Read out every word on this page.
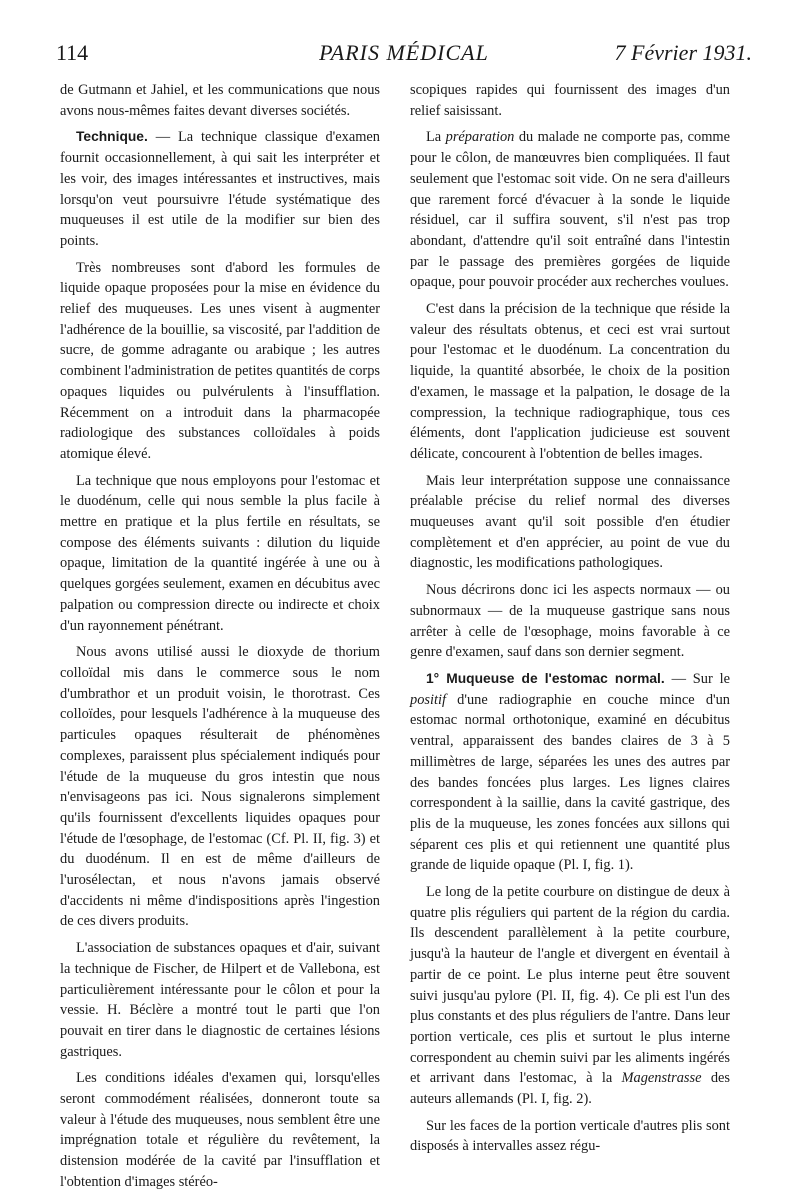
114	PARIS MÉDICAL	7 Février 1931.

de Gutmann et Jahiel, et les communications que nous avons nous-mêmes faites devant diverses sociétés.

Technique. — La technique classique d'examen fournit occasionnellement, à qui sait les interpréter et les voir, des images intéressantes et instructives, mais lorsqu'on veut poursuivre l'étude systématique des muqueuses il est utile de la modifier sur bien des points.

Très nombreuses sont d'abord les formules de liquide opaque proposées pour la mise en évidence du relief des muqueuses. Les unes visent à augmenter l'adhérence de la bouillie, sa viscosité, par l'addition de sucre, de gomme adragante ou arabique ; les autres combinent l'administration de petites quantités de corps opaques liquides ou pulvérulents à l'insufflation. Récemment on a introduit dans la pharmacopée radiologique des substances colloïdales à poids atomique élevé.

La technique que nous employons pour l'estomac et le duodénum, celle qui nous semble la plus facile à mettre en pratique et la plus fertile en résultats, se compose des éléments suivants : dilution du liquide opaque, limitation de la quantité ingérée à une ou à quelques gorgées seulement, examen en décubitus avec palpation ou compression directe ou indirecte et choix d'un rayonnement pénétrant.

Nous avons utilisé aussi le dioxyde de thorium colloïdal mis dans le commerce sous le nom d'umbrathor et un produit voisin, le thorotrast. Ces colloïdes, pour lesquels l'adhérence à la muqueuse des particules opaques résulterait de phénomènes complexes, paraissent plus spécialement indiqués pour l'étude de la muqueuse du gros intestin que nous n'envisageons pas ici. Nous signalerons simplement qu'ils fournissent d'excellents liquides opaques pour l'étude de l'œsophage, de l'estomac (Cf. Pl. II, fig. 3) et du duodénum. Il en est de même d'ailleurs de l'urosélectan, et nous n'avons jamais observé d'accidents ni même d'indispositions après l'ingestion de ces divers produits.

L'association de substances opaques et d'air, suivant la technique de Fischer, de Hilpert et de Vallebona, est particulièrement intéressante pour le côlon et pour la vessie. H. Béclère a montré tout le parti que l'on pouvait en tirer dans le diagnostic de certaines lésions gastriques.

Les conditions idéales d'examen qui, lorsqu'elles seront commodément réalisées, donneront toute sa valeur à l'étude des muqueuses, nous semblent être une imprégnation totale et régulière du revêtement, la distension modérée de la cavité par l'insufflation et l'obtention d'images stéréo-

scopiques rapides qui fournissent des images d'un relief saisissant.

La préparation du malade ne comporte pas, comme pour le côlon, de manœuvres bien compliquées. Il faut seulement que l'estomac soit vide. On ne sera d'ailleurs que rarement forcé d'évacuer à la sonde le liquide résiduel, car il suffira souvent, s'il n'est pas trop abondant, d'attendre qu'il soit entraîné dans l'intestin par le passage des premières gorgées de liquide opaque, pour pouvoir procéder aux recherches voulues.

C'est dans la précision de la technique que réside la valeur des résultats obtenus, et ceci est vrai surtout pour l'estomac et le duodénum. La concentration du liquide, la quantité absorbée, le choix de la position d'examen, le massage et la palpation, le dosage de la compression, la technique radiographique, tous ces éléments, dont l'application judicieuse est souvent délicate, concourent à l'obtention de belles images.

Mais leur interprétation suppose une connaissance préalable précise du relief normal des diverses muqueuses avant qu'il soit possible d'en étudier complètement et d'en apprécier, au point de vue du diagnostic, les modifications pathologiques.

Nous décrirons donc ici les aspects normaux — ou subnormaux — de la muqueuse gastrique sans nous arrêter à celle de l'œsophage, moins favorable à ce genre d'examen, sauf dans son dernier segment.

1° Muqueuse de l'estomac normal. — Sur le positif d'une radiographie en couche mince d'un estomac normal orthotonique, examiné en décubitus ventral, apparaissent des bandes claires de 3 à 5 millimètres de large, séparées les unes des autres par des bandes foncées plus larges. Les lignes claires correspondent à la saillie, dans la cavité gastrique, des plis de la muqueuse, les zones foncées aux sillons qui séparent ces plis et qui retiennent une quantité plus grande de liquide opaque (Pl. I, fig. 1).

Le long de la petite courbure on distingue de deux à quatre plis réguliers qui partent de la région du cardia. Ils descendent parallèlement à la petite courbure, jusqu'à la hauteur de l'angle et divergent en éventail à partir de ce point. Le plus interne peut être souvent suivi jusqu'au pylore (Pl. II, fig. 4). Ce pli est l'un des plus constants et des plus réguliers de l'antre. Dans leur portion verticale, ces plis et surtout le plus interne correspondent au chemin suivi par les aliments ingérés et arrivant dans l'estomac, à la Magenstrasse des auteurs allemands (Pl. I, fig. 2).

Sur les faces de la portion verticale d'autres plis sont disposés à intervalles assez régu-
